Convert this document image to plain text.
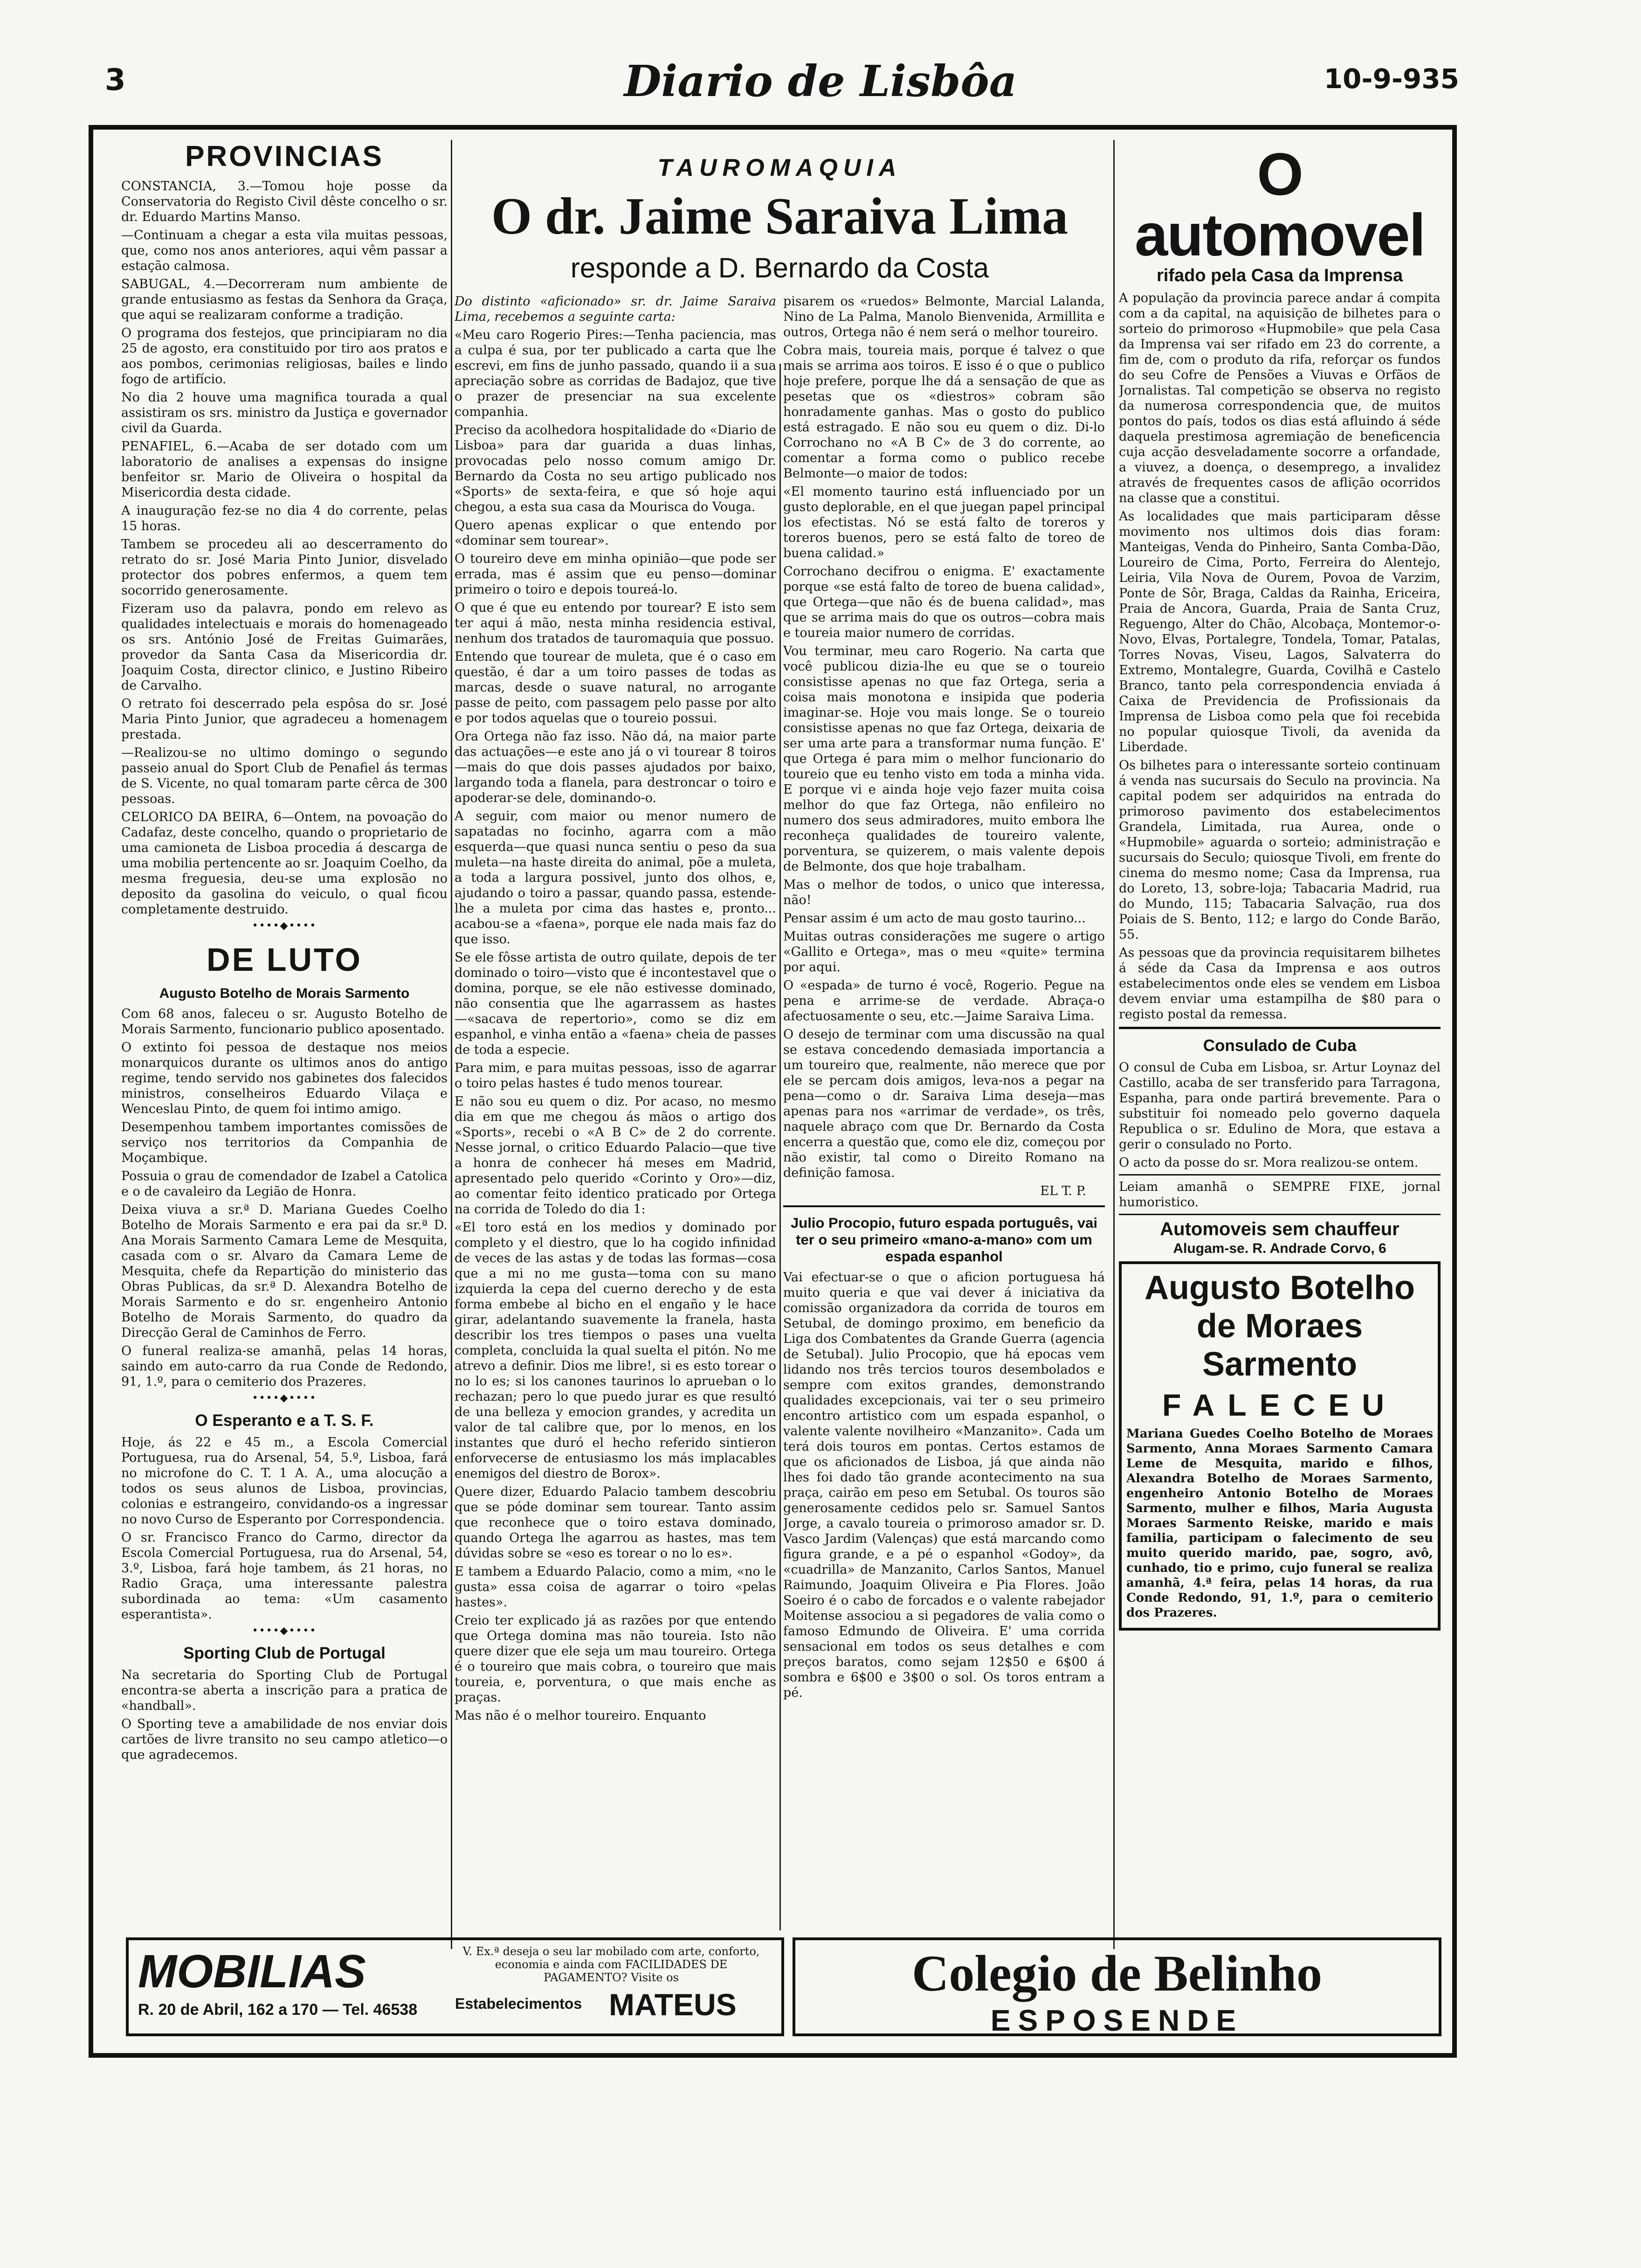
3	Diario de Lisbôa	10-9-935
PROVINCIAS

CONSTANCIA, 3.—Tomou hoje posse da Conservatoria do Registo Civil dêste concelho o sr. dr. Eduardo Martins Manso.

—Continuam a chegar a esta vila muitas pessoas, que, como nos anos anteriores, aqui vêm passar a estação calmosa.

SABUGAL, 4.—Decorreram num ambiente de grande entusiasmo as festas da Senhora da Graça, que aqui se realizaram conforme a tradição.

O programa dos festejos, que principiaram no dia 25 de agosto, era constituido por tiro aos pratos e aos pombos, cerimonias religiosas, bailes e lindo fogo de artifício.

No dia 2 houve uma magnifica tourada a qual assistiram os srs. ministro da Justiça e governador civil da Guarda.

PENAFIEL, 6.—Acaba de ser dotado com um laboratorio de analises a expensas do insigne benfeitor sr. Mario de Oliveira o hospital da Misericordia desta cidade.

A inauguração fez-se no dia 4 do corrente, pelas 15 horas.

Tambem se procedeu ali ao descerramento do retrato do sr. José Maria Pinto Junior, disvelado protector dos pobres enfermos, a quem tem socorrido generosamente.

Fizeram uso da palavra, pondo em relevo as qualidades intelectuais e morais do homenageado os srs. António José de Freitas Guimarães, provedor da Santa Casa da Misericordia dr. Joaquim Costa, director clinico, e Justino Ribeiro de Carvalho.

O retrato foi descerrado pela espôsa do sr. José Maria Pinto Junior, que agradeceu a homenagem prestada.

—Realizou-se no ultimo domingo o segundo passeio anual do Sport Club de Penafiel ás termas de S. Vicente, no qual tomaram parte cêrca de 300 pessoas.

CELORICO DA BEIRA, 6—Ontem, na povoação do Cadafaz, deste concelho, quando o proprietario de uma camioneta de Lisboa procedia á descarga de uma mobilia pertencente ao sr. Joaquim Coelho, da mesma freguesia, deu-se uma explosão no deposito da gasolina do veiculo, o qual ficou completamente destruido.

••••◆••••
DE LUTO
Augusto Botelho de Morais Sarmento

Com 68 anos, faleceu o sr. Augusto Botelho de Morais Sarmento, funcionario publico aposentado.

O extinto foi pessoa de destaque nos meios monarquicos durante os ultimos anos do antigo regime, tendo servido nos gabinetes dos falecidos ministros, conselheiros Eduardo Vilaça e Wenceslau Pinto, de quem foi intimo amigo.

Desempenhou tambem importantes comissões de serviço nos territorios da Companhia de Moçambique.

Possuia o grau de comendador de Izabel a Catolica e o de cavaleiro da Legião de Honra.

Deixa viuva a sr.ª D. Mariana Guedes Coelho Botelho de Morais Sarmento e era pai da sr.ª D. Ana Morais Sarmento Camara Leme de Mesquita, casada com o sr. Alvaro da Camara Leme de Mesquita, chefe da Repartição do ministerio das Obras Publicas, da sr.ª D. Alexandra Botelho de Morais Sarmento e do sr. engenheiro Antonio Botelho de Morais Sarmento, do quadro da Direcção Geral de Caminhos de Ferro.

O funeral realiza-se amanhã, pelas 14 horas, saindo em auto-carro da rua Conde de Redondo, 91, 1.º, para o cemiterio dos Prazeres.

••••◆••••
O Esperanto e a T. S. F.

Hoje, ás 22 e 45 m., a Escola Comercial Portuguesa, rua do Arsenal, 54, 5.º, Lisboa, fará no microfone do C. T. 1 A. A., uma alocução a todos os seus alunos de Lisboa, provincias, colonias e estrangeiro, convidando-os a ingressar no novo Curso de Esperanto por Correspondencia.

O sr. Francisco Franco do Carmo, director da Escola Comercial Portuguesa, rua do Arsenal, 54, 3.º, Lisboa, fará hoje tambem, ás 21 horas, no Radio Graça, uma interessante palestra subordinada ao tema: «Um casamento esperantista».

••••◆••••
Sporting Club de Portugal

Na secretaria do Sporting Club de Portugal encontra-se aberta a inscrição para a pratica de «handball».

O Sporting teve a amabilidade de nos enviar dois cartões de livre transito no seu campo atletico—o que agradecemos.

TAUROMAQUIA
O dr. Jaime Saraiva Lima
responde a D. Bernardo da Costa

Do distinto «aficionado» sr. dr. Jaime Saraiva Lima, recebemos a seguinte carta:

«Meu caro Rogerio Pires:—Tenha paciencia, mas a culpa é sua, por ter publicado a carta que lhe escrevi, em fins de junho passado, quando ii a sua apreciação sobre as corridas de Badajoz, que tive o prazer de presenciar na sua excelente companhia.

Preciso da acolhedora hospitalidade do «Diario de Lisboa» para dar guarida a duas linhas, provocadas pelo nosso comum amigo Dr. Bernardo da Costa no seu artigo publicado nos «Sports» de sexta-feira, e que só hoje aqui chegou, a esta sua casa da Mourisca do Vouga.

Quero apenas explicar o que entendo por «dominar sem tourear».

O toureiro deve em minha opinião—que pode ser errada, mas é assim que eu penso—dominar primeiro o toiro e depois toureá-lo.

O que é que eu entendo por tourear? E isto sem ter aqui á mão, nesta minha residencia estival, nenhum dos tratados de tauromaquia que possuo.

Entendo que tourear de muleta, que é o caso em questão, é dar a um toiro passes de todas as marcas, desde o suave natural, no arrogante passe de peito, com passagem pelo passe por alto e por todos aquelas que o toureio possui.

Ora Ortega não faz isso. Não dá, na maior parte das actuações—e este ano já o vi tourear 8 toiros—mais do que dois passes ajudados por baixo, largando toda a flanela, para destroncar o toiro e apoderar-se dele, dominando-o.

A seguir, com maior ou menor numero de sapatadas no focinho, agarra com a mão esquerda—que quasi nunca sentiu o peso da sua muleta—na haste direita do animal, põe a muleta, a toda a largura possivel, junto dos olhos, e, ajudando o toiro a passar, quando passa, estende-lhe a muleta por cima das hastes e, pronto... acabou-se a «faena», porque ele nada mais faz do que isso.

Se ele fôsse artista de outro quilate, depois de ter dominado o toiro—visto que é incontestavel que o domina, porque, se ele não estivesse dominado, não consentia que lhe agarrassem as hastes—«sacava de repertorio», como se diz em espanhol, e vinha então a «faena» cheia de passes de toda a especie.

Para mim, e para muitas pessoas, isso de agarrar o toiro pelas hastes é tudo menos tourear.

E não sou eu quem o diz. Por acaso, no mesmo dia em que me chegou ás mãos o artigo dos «Sports», recebi o «A B C» de 2 do corrente. Nesse jornal, o critico Eduardo Palacio—que tive a honra de conhecer há meses em Madrid, apresentado pelo querido «Corinto y Oro»—diz, ao comentar feito identico praticado por Ortega na corrida de Toledo do dia 1:

«El toro está en los medios y dominado por completo y el diestro, que lo ha cogido infinidad de veces de las astas y de todas las formas—cosa que a mi no me gusta—toma con su mano izquierda la cepa del cuerno derecho y de esta forma embebe al bicho en el engaño y le hace girar, adelantando suavemente la franela, hasta describir los tres tiempos o pases una vuelta completa, concluida la qual suelta el pitón. No me atrevo a definir. Dios me libre!, si es esto torear o no lo es; si los canones taurinos lo aprueban o lo rechazan; pero lo que puedo jurar es que resultó de una belleza y emocion grandes, y acredita un valor de tal calibre que, por lo menos, en los instantes que duró el hecho referido sintieron enforvecerse de entusiasmo los más implacables enemigos del diestro de Borox».

Quere dizer, Eduardo Palacio tambem descobriu que se póde dominar sem tourear. Tanto assim que reconhece que o toiro estava dominado, quando Ortega lhe agarrou as hastes, mas tem dúvidas sobre se «eso es torear o no lo es».

E tambem a Eduardo Palacio, como a mim, «no le gusta» essa coisa de agarrar o toiro «pelas hastes».

Creio ter explicado já as razões por que entendo que Ortega domina mas não toureia. Isto não quere dizer que ele seja um mau toureiro. Ortega é o toureiro que mais cobra, o toureiro que mais toureia, e, porventura, o que mais enche as praças.

Mas não é o melhor toureiro. Enquanto

pisarem os «ruedos» Belmonte, Marcial Lalanda, Nino de La Palma, Manolo Bienvenida, Armillita e outros, Ortega não é nem será o melhor toureiro.

Cobra mais, toureia mais, porque é talvez o que mais se arrima aos toiros. E isso é o que o publico hoje prefere, porque lhe dá a sensação de que as pesetas que os «diestros» cobram são honradamente ganhas. Mas o gosto do publico está estragado. E não sou eu quem o diz. Di-lo Corrochano no «A B C» de 3 do corrente, ao comentar a forma como o publico recebe Belmonte—o maior de todos:

«El momento taurino está influenciado por un gusto deplorable, en el que juegan papel principal los efectistas. Nó se está falto de toreros y toreros buenos, pero se está falto de toreo de buena calidad.»

Corrochano decifrou o enigma. E' exactamente porque «se está falto de toreo de buena calidad», que Ortega—que não és de buena calidad», mas que se arrima mais do que os outros—cobra mais e toureia maior numero de corridas.

Vou terminar, meu caro Rogerio. Na carta que você publicou dizia-lhe eu que se o toureio consistisse apenas no que faz Ortega, seria a coisa mais monotona e insipida que poderia imaginar-se. Hoje vou mais longe. Se o toureio consistisse apenas no que faz Ortega, deixaria de ser uma arte para a transformar numa função. E' que Ortega é para mim o melhor funcionario do toureio que eu tenho visto em toda a minha vida. E porque vi e ainda hoje vejo fazer muita coisa melhor do que faz Ortega, não enfileiro no numero dos seus admiradores, muito embora lhe reconheça qualidades de toureiro valente, porventura, se quizerem, o mais valente depois de Belmonte, dos que hoje trabalham.

Mas o melhor de todos, o unico que interessa, não!

Pensar assim é um acto de mau gosto taurino...

Muitas outras considerações me sugere o artigo «Gallito e Ortega», mas o meu «quite» termina por aqui.

O «espada» de turno é você, Rogerio. Pegue na pena e arrime-se de verdade. Abraça-o afectuosamente o seu, etc.—Jaime Saraiva Lima.

O desejo de terminar com uma discussão na qual se estava concedendo demasiada importancia a um toureiro que, realmente, não merece que por ele se percam dois amigos, leva-nos a pegar na pena—como o dr. Saraiva Lima deseja—mas apenas para nos «arrimar de verdade», os três, naquele abraço com que Dr. Bernardo da Costa encerra a questão que, como ele diz, começou por não existir, tal como o Direito Romano na definição famosa.

EL T. P.

Julio Procopio, futuro espada português, vai ter o seu primeiro «mano-a-mano» com um espada espanhol

Vai efectuar-se o que o aficion portuguesa há muito queria e que vai dever á iniciativa da comissão organizadora da corrida de touros em Setubal, de domingo proximo, em beneficio da Liga dos Combatentes da Grande Guerra (agencia de Setubal). Julio Procopio, que há epocas vem lidando nos três tercios touros desembolados e sempre com exitos grandes, demonstrando qualidades excepcionais, vai ter o seu primeiro encontro artistico com um espada espanhol, o valente valente novilheiro «Manzanito». Cada um terá dois touros em pontas. Certos estamos de que os aficionados de Lisboa, já que ainda não lhes foi dado tão grande acontecimento na sua praça, cairão em peso em Setubal. Os touros são generosamente cedidos pelo sr. Samuel Santos Jorge, a cavalo toureia o primoroso amador sr. D. Vasco Jardim (Valenças) que está marcando como figura grande, e a pé o espanhol «Godoy», da «cuadrilla» de Manzanito, Carlos Santos, Manuel Raimundo, Joaquim Oliveira e Pia Flores. João Soeiro é o cabo de forcados e o valente rabejador Moitense associou a si pegadores de valia como o famoso Edmundo de Oliveira. E' uma corrida sensacional em todos os seus detalhes e com preços baratos, como sejam 12$50 e 6$00 á sombra e 6$00 e 3$00 o sol. Os toros entram a pé.

O automovel
rifado pela Casa da Imprensa

A população da provincia parece andar á compita com a da capital, na aquisição de bilhetes para o sorteio do primoroso «Hupmobile» que pela Casa da Imprensa vai ser rifado em 23 do corrente, a fim de, com o produto da rifa, reforçar os fundos do seu Cofre de Pensões a Viuvas e Orfãos de Jornalistas. Tal competição se observa no registo da numerosa correspondencia que, de muitos pontos do país, todos os dias está afluindo á séde daquela prestimosa agremiação de beneficencia cuja acção desveladamente socorre a orfandade, a viuvez, a doença, o desemprego, a invalidez através de frequentes casos de aflição ocorridos na classe que a constitui.

As localidades que mais participaram dêsse movimento nos ultimos dois dias foram: Manteigas, Venda do Pinheiro, Santa Comba-Dão, Loureiro de Cima, Porto, Ferreira do Alentejo, Leiria, Vila Nova de Ourem, Povoa de Varzim, Ponte de Sôr, Braga, Caldas da Rainha, Ericeira, Praia de Ancora, Guarda, Praia de Santa Cruz, Reguengo, Alter do Chão, Alcobaça, Montemor-o-Novo, Elvas, Portalegre, Tondela, Tomar, Patalas, Torres Novas, Viseu, Lagos, Salvaterra do Extremo, Montalegre, Guarda, Covilhã e Castelo Branco, tanto pela correspondencia enviada á Caixa de Previdencia de Profissionais da Imprensa de Lisboa como pela que foi recebida no popular quiosque Tivoli, da avenida da Liberdade.

Os bilhetes para o interessante sorteio continuam á venda nas sucursais do Seculo na provincia. Na capital podem ser adquiridos na entrada do primoroso pavimento dos estabelecimentos Grandela, Limitada, rua Aurea, onde o «Hupmobile» aguarda o sorteio; administração e sucursais do Seculo; quiosque Tivoli, em frente do cinema do mesmo nome; Casa da Imprensa, rua do Loreto, 13, sobre-loja; Tabacaria Madrid, rua do Mundo, 115; Tabacaria Salvação, rua dos Poiais de S. Bento, 112; e largo do Conde Barão, 55.

As pessoas que da provincia requisitarem bilhetes á séde da Casa da Imprensa e aos outros estabelecimentos onde eles se vendem em Lisboa devem enviar uma estampilha de $80 para o registo postal da remessa.

Consulado de Cuba

O consul de Cuba em Lisboa, sr. Artur Loynaz del Castillo, acaba de ser transferido para Tarragona, Espanha, para onde partirá brevemente. Para o substituir foi nomeado pelo governo daquela Republica o sr. Edulino de Mora, que estava a gerir o consulado no Porto.

O acto da posse do sr. Mora realizou-se ontem.

Leiam amanhã o SEMPRE FIXE, jornal humoristico.

Automoveis sem chauffeur
Alugam-se. R. Andrade Corvo, 6
Augusto Botelho de Moraes Sarmento
FALECEU

Mariana Guedes Coelho Botelho de Moraes Sarmento, Anna Moraes Sarmento Camara Leme de Mesquita, marido e filhos, Alexandra Botelho de Moraes Sarmento, engenheiro Antonio Botelho de Moraes Sarmento, mulher e filhos, Maria Augusta Moraes Sarmento Reiske, marido e mais familia, participam o falecimento de seu muito querido marido, pae, sogro, avô, cunhado, tio e primo, cujo funeral se realiza amanhã, 4.ª feira, pelas 14 horas, da rua Conde Redondo, 91, 1.º, para o cemiterio dos Prazeres.

MOBILIAS
R. 20 de Abril, 162 a 170 — Tel. 46538
V. Ex.ª deseja o seu lar mobilado com arte, conforto, economia e ainda com FACILIDADES DE PAGAMENTO? Visite os
Estabelecimentos MATEUS
Colegio de Belinho
ESPOSENDE
